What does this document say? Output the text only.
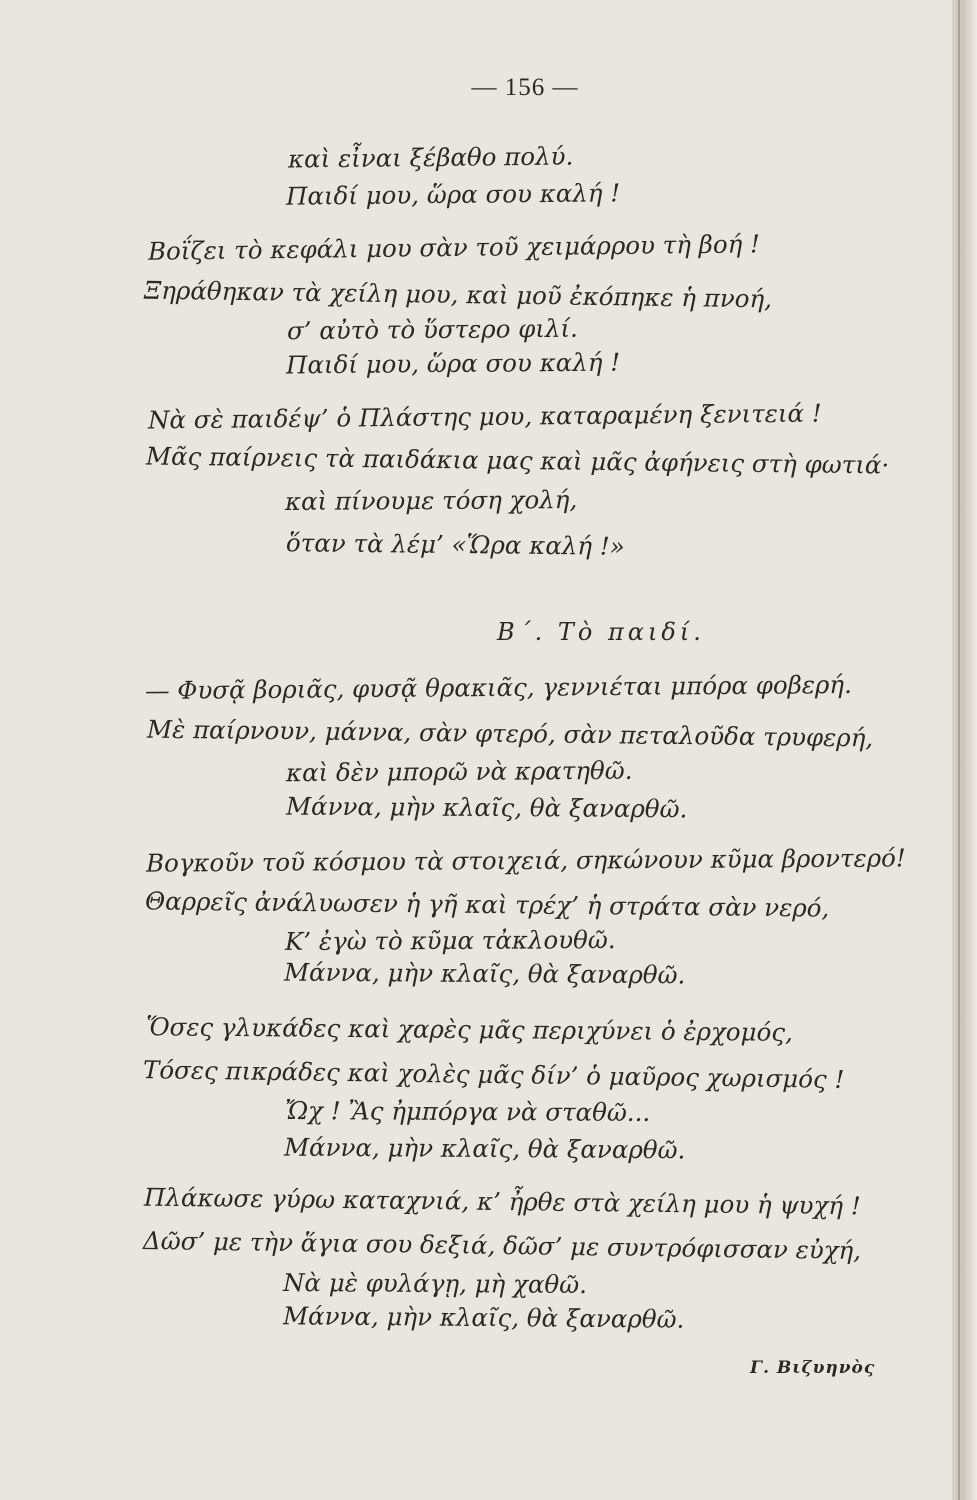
— 156 —
καὶ εἶναι ξέβαθο πολύ.
Παιδί μου, ὥρα σου καλή !
Βοΐζει τὸ κεφάλι μου σὰν τοῦ χειμάρρου τὴ βοή !
Ξηράθηκαν τὰ χείλη μου, καὶ μοῦ ἐκόπηκε ἡ πνοή,
σ’ αὐτὸ τὸ ὕστερο φιλί.
Παιδί μου, ὥρα σου καλή !
Νὰ σὲ παιδέψ’ ὁ Πλάστης μου, καταραμένη ξενιτειά !
Μᾶς παίρνεις τὰ παιδάκια μας καὶ μᾶς ἀφήνεις στὴ φωτιά·
καὶ πίνουμε τόση χολή,
ὅταν τὰ λέμ’ «Ὥρα καλή !»
Β΄. Τὸ παιδί.
— Φυσᾷ βοριᾶς, φυσᾷ θρακιᾶς, γεννιέται μπόρα φοβερή.
Μὲ παίρνουν, μάννα, σὰν φτερό, σὰν πεταλοῦδα τρυφερή,
καὶ δὲν μπορῶ νὰ κρατηθῶ.
Μάννα, μὴν κλαῖς, θὰ ξαναρθῶ.
Βογκοῦν τοῦ κόσμου τὰ στοιχειά, σηκώνουν κῦμα βροντερό!
Θαρρεῖς ἀνάλυωσεν ἡ γῆ καὶ τρέχ’ ἡ στράτα σὰν νερό,
Κ’ ἐγὼ τὸ κῦμα τἀκλουθῶ.
Μάννα, μὴν κλαῖς, θὰ ξαναρθῶ.
Ὅσες γλυκάδες καὶ χαρὲς μᾶς περιχύνει ὁ ἐρχομός,
Τόσες πικράδες καὶ χολὲς μᾶς δίν’ ὁ μαῦρος χωρισμός !
Ὤχ ! Ἂς ἠμπόργα νὰ σταθῶ...
Μάννα, μὴν κλαῖς, θὰ ξαναρθῶ.
Πλάκωσε γύρω καταχνιά, κ’ ἦρθε στὰ χείλη μου ἡ ψυχή !
Δῶσ’ με τὴν ἅγια σου δεξιά, δῶσ’ με συντρόφισσαν εὐχή,
Νὰ μὲ φυλάγῃ, μὴ χαθῶ.
Μάννα, μὴν κλαῖς, θὰ ξαναρθῶ.
Γ. Βιζυηνὸς
